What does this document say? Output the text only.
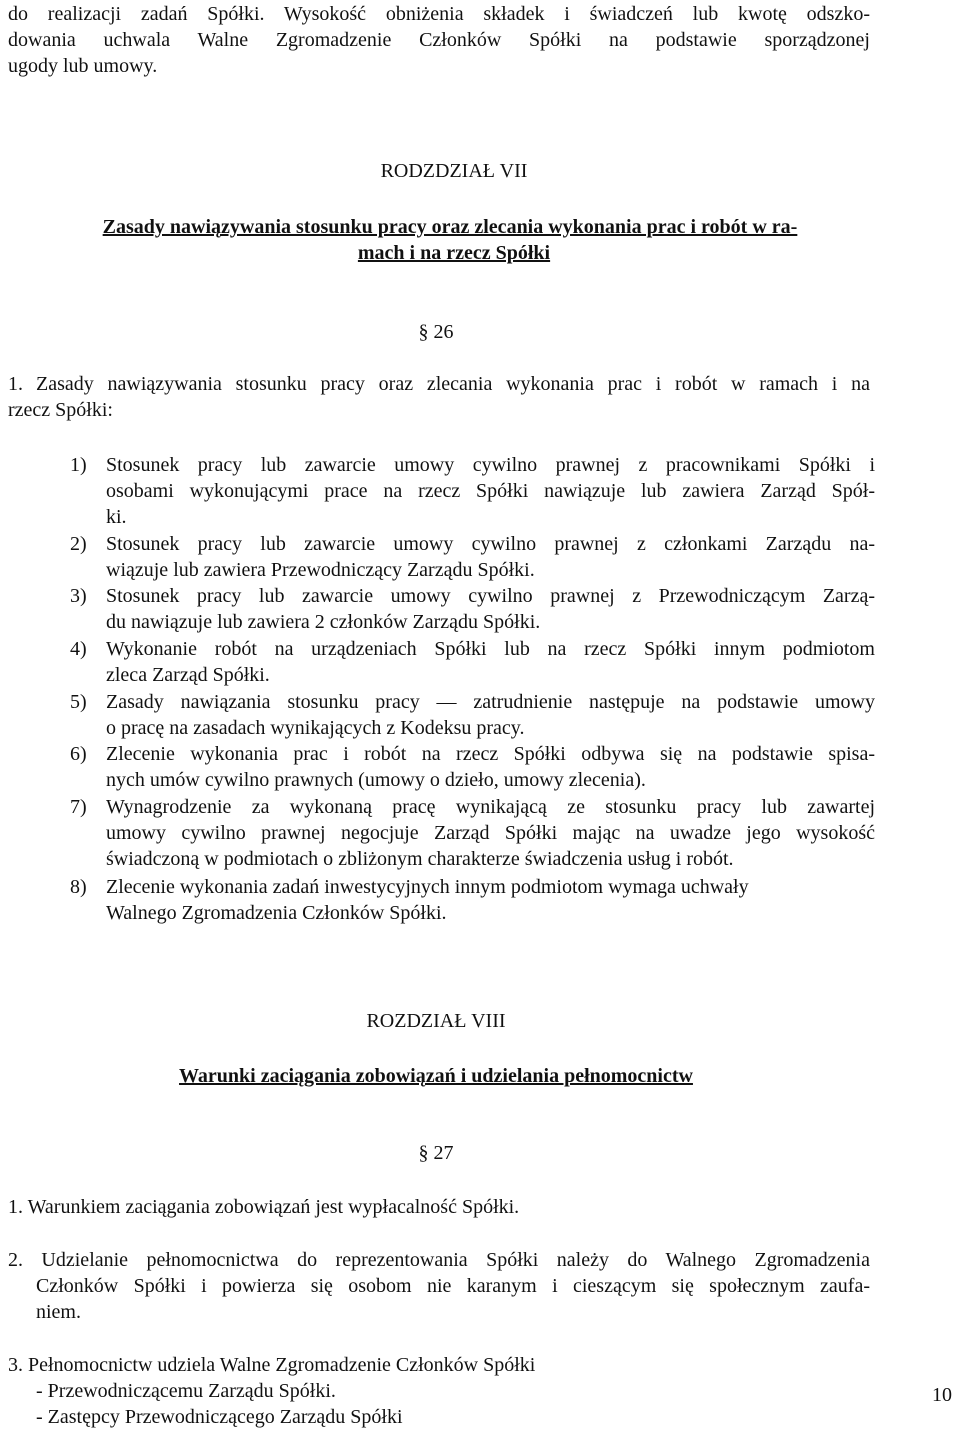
do realizacji zadań Spółki. Wysokość obniżenia składek i świadczeń lub kwotę odszko-
dowania uchwala Walne Zgromadzenie Członków Spółki na podstawie sporządzonej
ugody lub umowy.
RODZDZIAŁ VII
Zasady nawiązywania stosunku pracy oraz zlecania wykonania prac i robót w ra-
mach i na rzecz Spółki
§ 26
1. Zasady nawiązywania stosunku pracy oraz zlecania wykonania prac i robót w ramach i na
rzecz Spółki:
1) Stosunek pracy lub zawarcie umowy cywilno prawnej z pracownikami Spółki i
osobami wykonującymi prace na rzecz Spółki nawiązuje lub zawiera Zarząd Spół-
ki.
2) Stosunek pracy lub zawarcie umowy cywilno prawnej z członkami Zarządu na-
wiązuje lub zawiera Przewodniczący Zarządu Spółki.
3) Stosunek pracy lub zawarcie umowy cywilno prawnej z Przewodniczącym Zarzą-
du nawiązuje lub zawiera 2 członków Zarządu Spółki.
4) Wykonanie robót na urządzeniach Spółki lub na rzecz Spółki innym podmiotom
zleca Zarząd Spółki.
5) Zasady nawiązania stosunku pracy — zatrudnienie następuje na podstawie umowy
o pracę na zasadach wynikających z Kodeksu pracy.
6) Zlecenie wykonania prac i robót na rzecz Spółki odbywa się na podstawie spisa-
nych umów cywilno prawnych (umowy o dzieło, umowy zlecenia).
7) Wynagrodzenie za wykonaną pracę wynikającą ze stosunku pracy lub zawartej
umowy cywilno prawnej negocjuje Zarząd Spółki mając na uwadze jego wysokość
świadczoną w podmiotach o zbliżonym charakterze świadczenia usług i robót.
8) Zlecenie wykonania zadań inwestycyjnych innym podmiotom wymaga uchwały
Walnego Zgromadzenia Członków Spółki.
ROZDZIAŁ VIII
Warunki zaciągania zobowiązań i udzielania pełnomocnictw
§ 27
1. Warunkiem zaciągania zobowiązań jest wypłacalność Spółki.
2. Udzielanie pełnomocnictwa do reprezentowania Spółki należy do Walnego Zgromadzenia
Członków Spółki i powierza się osobom nie karanym i cieszącym się społecznym zaufa-
niem.
3. Pełnomocnictw udziela Walne Zgromadzenie Członków Spółki
- Przewodniczącemu Zarządu Spółki.
- Zastępcy Przewodniczącego Zarządu Spółki
10
